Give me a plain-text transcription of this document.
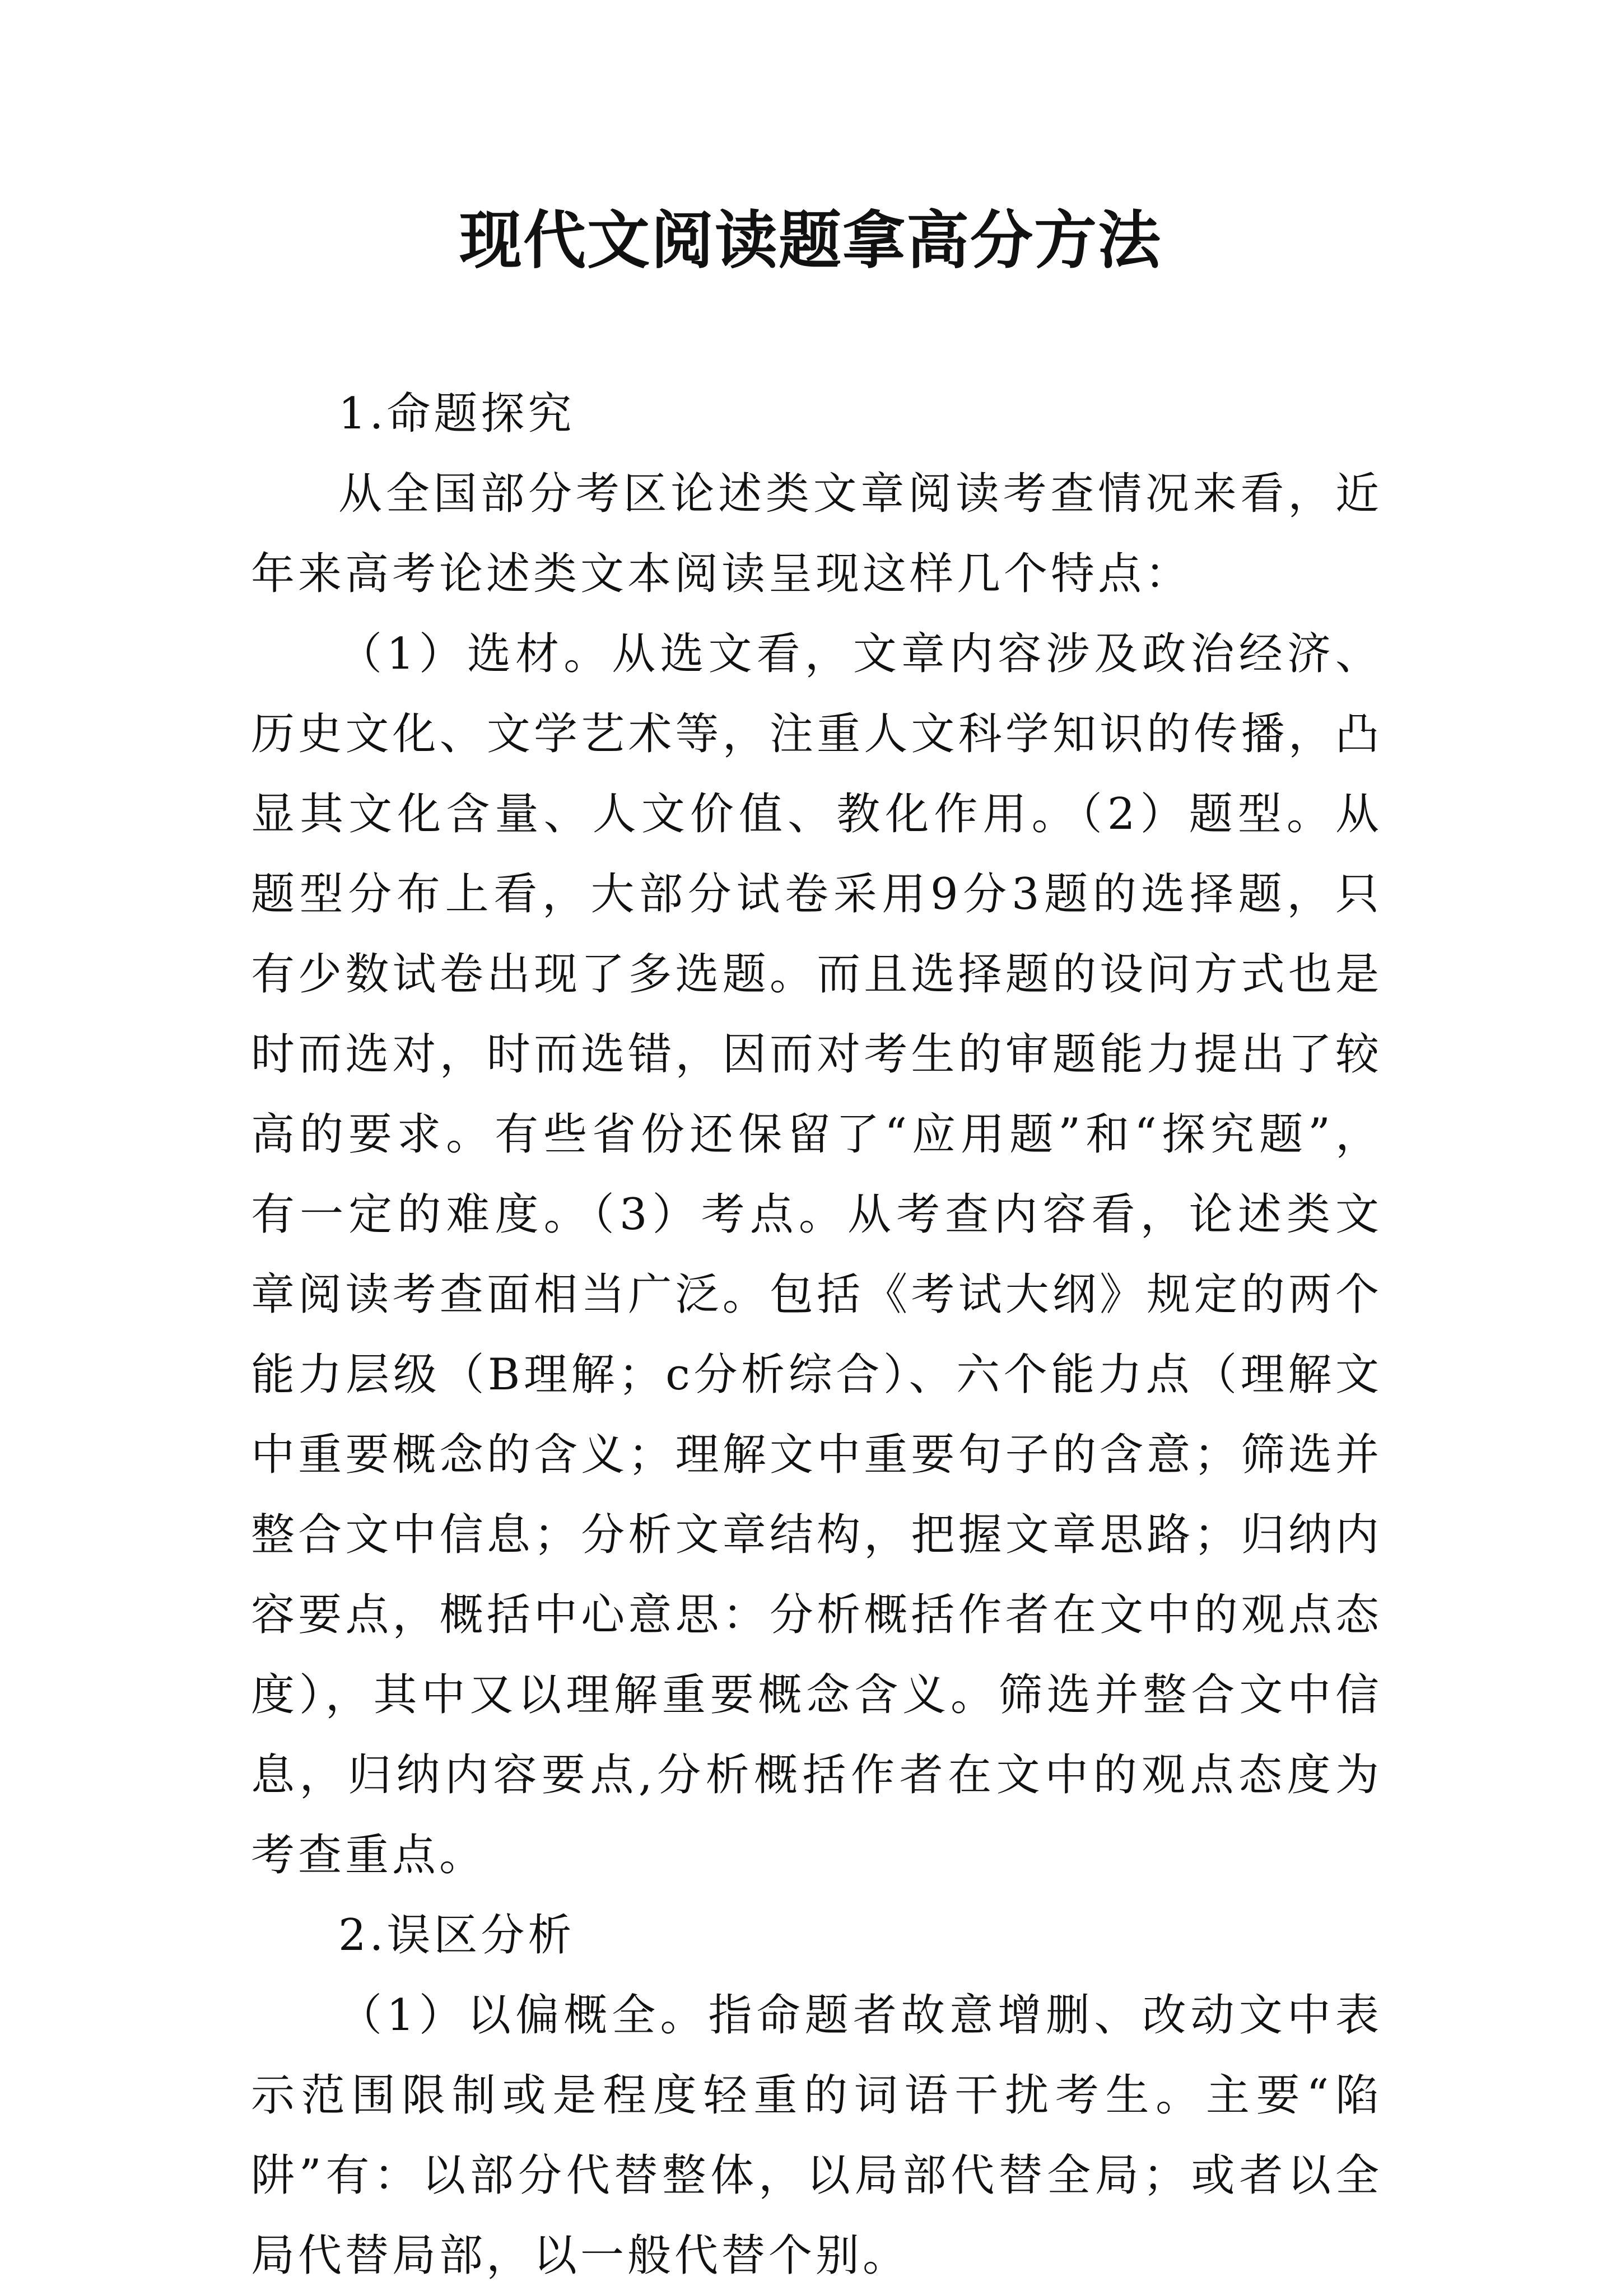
现代文阅读题拿高分方法

1.命题探究

从全国部分考区论述类文章阅读考查情况来看，近年来高考论述类文本阅读呈现这样几个特点：

（1）选材。从选文看，文章内容涉及政治经济、历史文化、文学艺术等，注重人文科学知识的传播，凸显其文化含量、人文价值、教化作用。（2）题型。从题型分布上看，大部分试卷采用9分3题的选择题，只有少数试卷出现了多选题。而且选择题的设问方式也是时而选对，时而选错，因而对考生的审题能力提出了较高的要求。有些省份还保留了“应用题”和“探究题”，有一定的难度。（3）考点。从考查内容看，论述类文章阅读考查面相当广泛。包括《考试大纲》规定的两个能力层级（B理解；c分析综合）、六个能力点（理解文中重要概念的含义；理解文中重要句子的含意；筛选并整合文中信息；分析文章结构，把握文章思路；归纳内容要点，概括中心意思：分析概括作者在文中的观点态度），其中又以理解重要概念含义。筛选并整合文中信息，归纳内容要点,分析概括作者在文中的观点态度为考查重点。

2.误区分析

（1）以偏概全。指命题者故意增删、改动文中表示范围限制或是程度轻重的词语干扰考生。主要“陷阱”有：以部分代替整体，以局部代替全局；或者以全局代替局部，以一般代替个别。
